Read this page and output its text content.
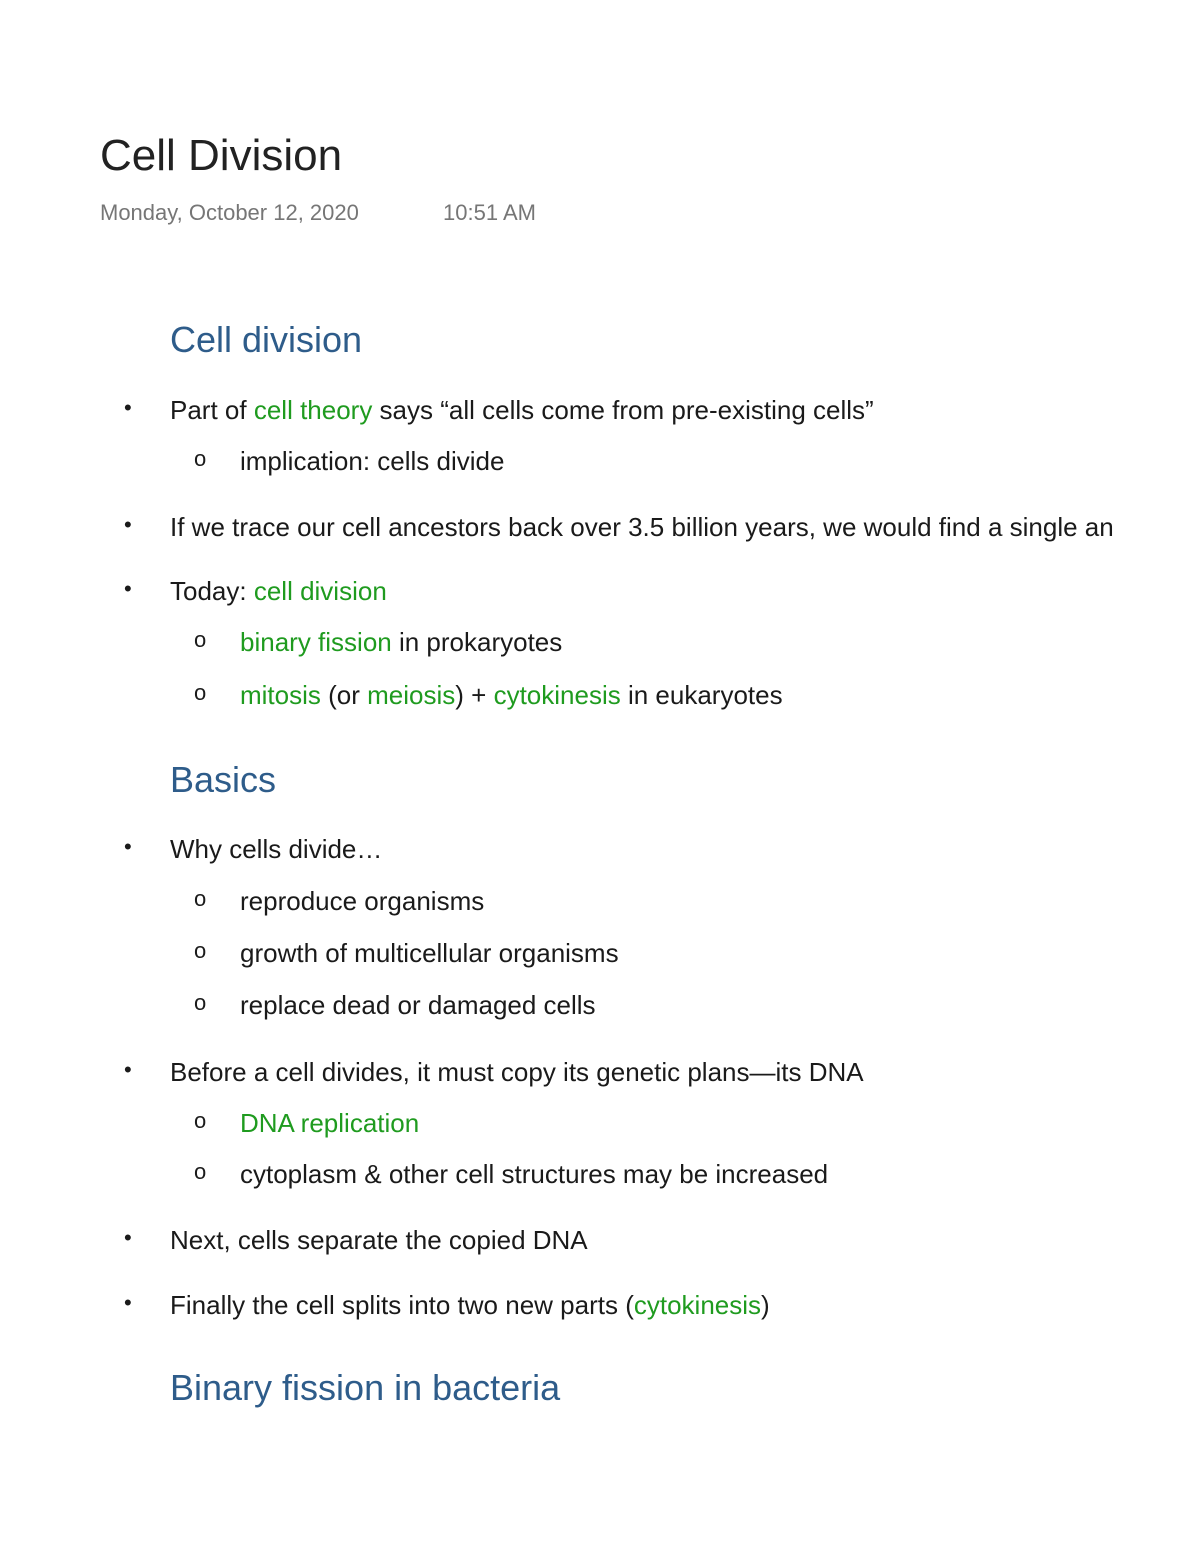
Cell Division
Monday, October 12, 2020	10:51 AM
Cell division
• Part of cell theory says “all cells come from pre-existing cells”
o implication: cells divide
• If we trace our cell ancestors back over 3.5 billion years, we would find a single an
• Today: cell division
o binary fission in prokaryotes
o mitosis (or meiosis) + cytokinesis in eukaryotes
Basics
• Why cells divide…
o reproduce organisms
o growth of multicellular organisms
o replace dead or damaged cells
• Before a cell divides, it must copy its genetic plans—its DNA
o DNA replication
o cytoplasm & other cell structures may be increased
• Next, cells separate the copied DNA
• Finally the cell splits into two new parts (cytokinesis)
Binary fission in bacteria
